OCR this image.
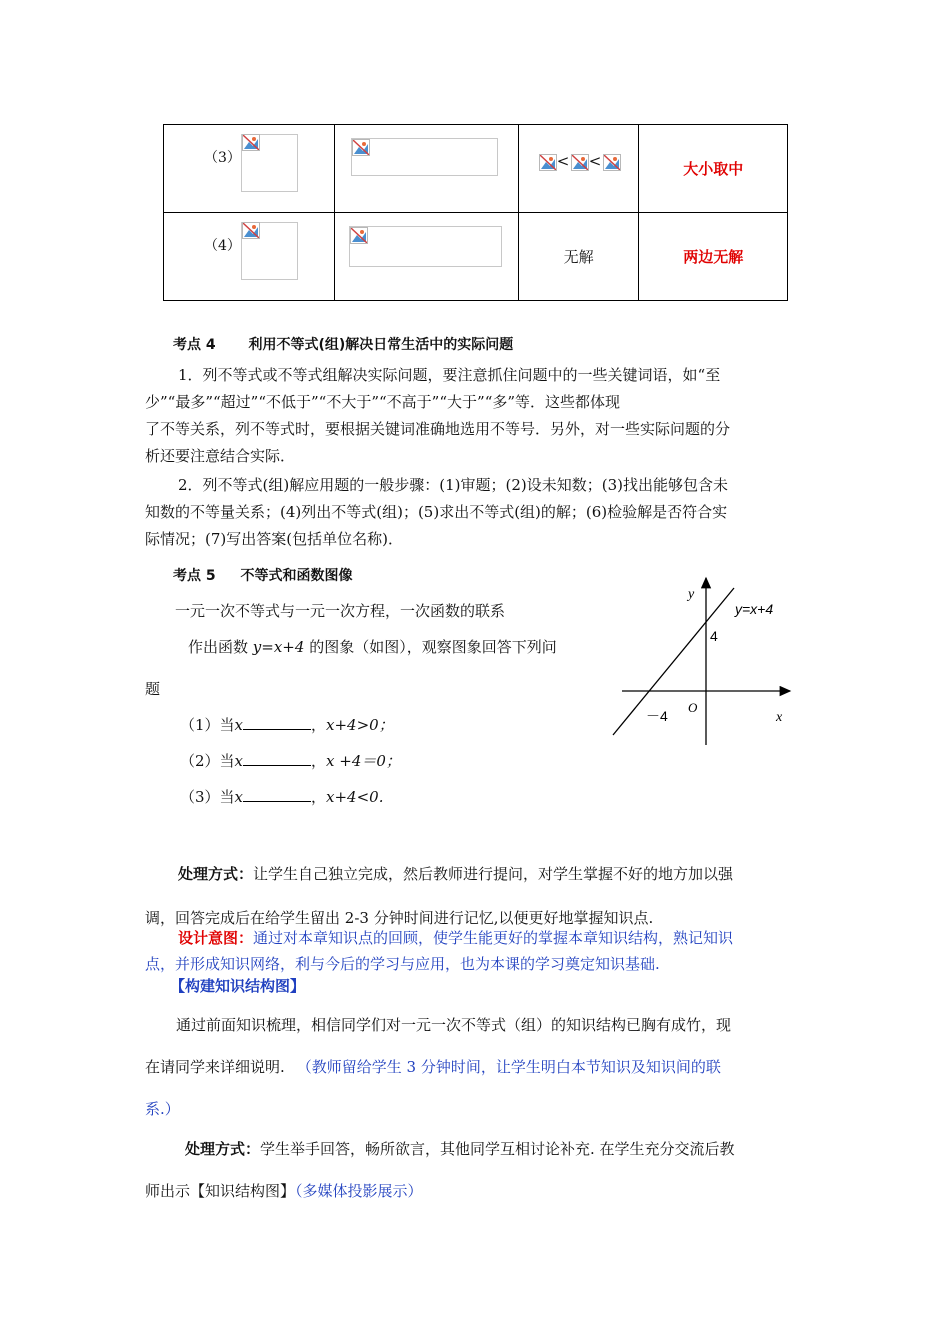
（3）		< <	大小取中

（4）		无解	两边无解
考点 4 利用不等式(组)解决日常生活中的实际问题
1．列不等式或不等式组解决实际问题，要注意抓住问题中的一些关键词语，如“至
少”“最多”“超过”“不低于”“不大于”“不高于”“大于”“多”等．这些都体现
了不等关系，列不等式时，要根据关键词准确地选用不等号．另外，对一些实际问题的分
析还要注意结合实际．
2．列不等式(组)解应用题的一般步骤：(1)审题；(2)设未知数；(3)找出能够包含未
知数的不等量关系；(4)列出不等式(组)；(5)求出不等式(组)的解；(6)检验解是否符合实
际情况；(7)写出答案(包括单位名称)．
考点 5 不等式和函数图像
一元一次不等式与一元一次方程，一次函数的联系
作出函数 y=x+4 的图象（如图），观察图象回答下列问
题
（1）当x	，x+4>0；
（2）当x	，x +4＝0；
（3）当x	，x+4<0.
y
x
O
y=x+4
4
－4
处理方式：让学生自己独立完成，然后教师进行提问，对学生掌握不好的地方加以强
调，回答完成后在给学生留出 2-3 分钟时间进行记忆,以便更好地掌握知识点.
设计意图：通过对本章知识点的回顾，使学生能更好的掌握本章知识结构，熟记知识
点，并形成知识网络，利与今后的学习与应用，也为本课的学习奠定知识基础.
【构建知识结构图】
通过前面知识梳理，相信同学们对一元一次不等式（组）的知识结构已胸有成竹，现
在请同学来详细说明. （教师留给学生 3 分钟时间，让学生明白本节知识及知识间的联
系.）
处理方式：学生举手回答，畅所欲言，其他同学互相讨论补充. 在学生充分交流后教
师出示【知识结构图】（多媒体投影展示）
